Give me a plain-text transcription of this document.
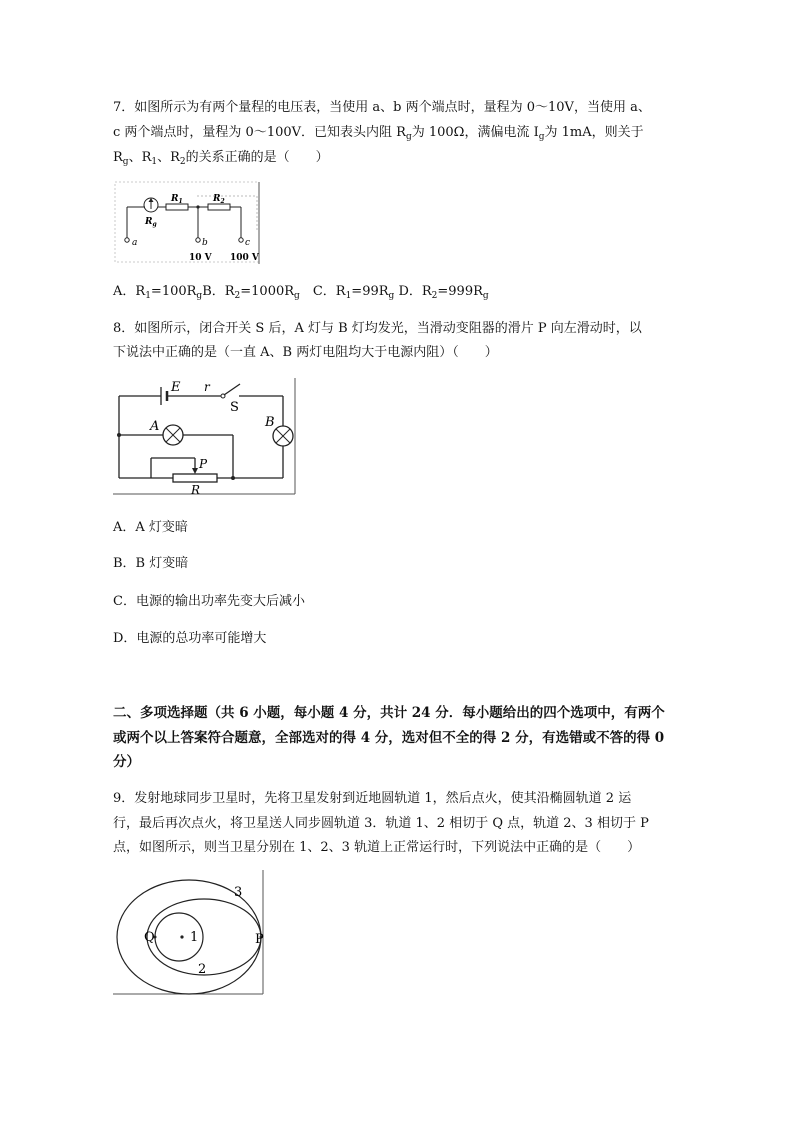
7．如图所示为有两个量程的电压表，当使用 a、b 两个端点时，量程为 0～10V，当使用 a、
c 两个端点时，量程为 0～100V．已知表头内阻 $R_g$为 100Ω，满偏电流 $I_g$为 1mA，则关于
$R_g$、$R_1$、$R_2$的关系正确的是（　　）
$R_g$
$R_1$	$R_2$
a	b	c
10 V 100 V
A．$R_1=100R_gB$．$R_2=1000R_g$　 C．$R_1=99R_g$ D．$R_2=999R_g$
8．如图所示，闭合开关 S 后，A 灯与 B 灯均发光，当滑动变阻器的滑片 P 向左滑动时，以
下说法中正确的是（一直 A、B 两灯电阻均大于电源内阻）（　　）
E r
S
A	B
P
R
A．A 灯变暗
B．B 灯变暗
C．电源的输出功率先变大后减小
D．电源的总功率可能增大
二、多项选择题（共 6 小题，每小题 4 分，共计 24 分．每小题给出的四个选项中，有两个
或两个以上答案符合题意，全部选对的得 4 分，选对但不全的得 2 分，有选错或不答的得 0
分）
9．发射地球同步卫星时，先将卫星发射到近地圆轨道 1，然后点火，使其沿椭圆轨道 2 运
行，最后再次点火，将卫星送人同步圆轨道 3．轨道 1、2 相切于 Q 点，轨道 2、3 相切于 P
点，如图所示，则当卫星分别在 1、2、3 轨道上正常运行时，下列说法中正确的是（　　）
Q	1	P
3
2
